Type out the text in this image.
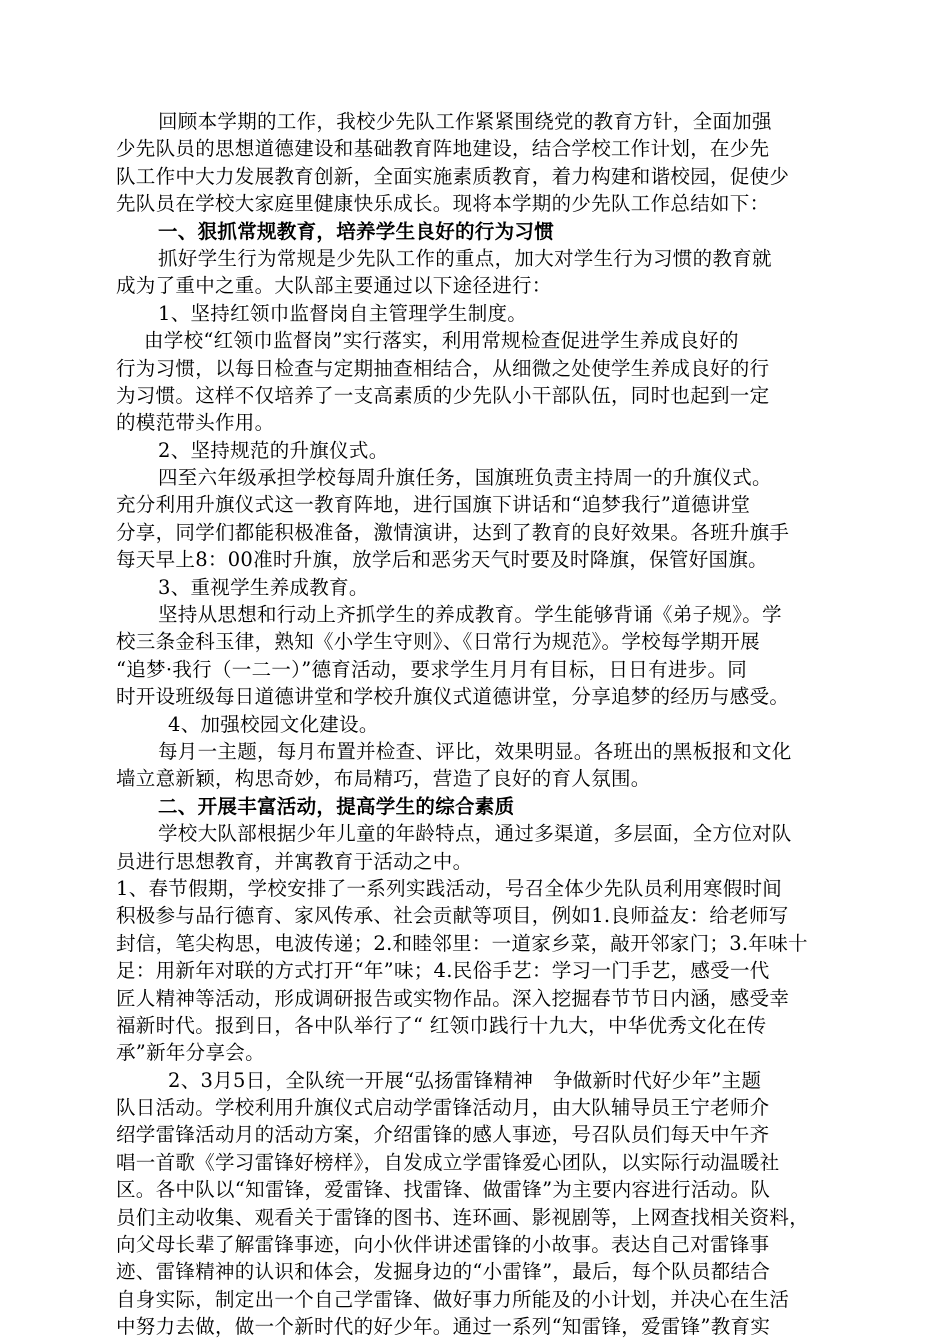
回顾本学期的工作，我校少先队工作紧紧围绕党的教育方针，全面加强
少先队员的思想道德建设和基础教育阵地建设，结合学校工作计划，在少先
队工作中大力发展教育创新，全面实施素质教育，着力构建和谐校园，促使少
先队员在学校大家庭里健康快乐成长。现将本学期的少先队工作总结如下：
一、狠抓常规教育，培养学生良好的行为习惯
抓好学生行为常规是少先队工作的重点，加大对学生行为习惯的教育就
成为了重中之重。大队部主要通过以下途径进行：
1、坚持红领巾监督岗自主管理学生制度。
由学校“红领巾监督岗”实行落实，利用常规检查促进学生养成良好的
行为习惯，以每日检查与定期抽查相结合，从细微之处使学生养成良好的行
为习惯。这样不仅培养了一支高素质的少先队小干部队伍，同时也起到一定
的模范带头作用。
2、坚持规范的升旗仪式。
四至六年级承担学校每周升旗任务，国旗班负责主持周一的升旗仪式。
充分利用升旗仪式这一教育阵地，进行国旗下讲话和“追梦我行”道德讲堂
分享，同学们都能积极准备，激情演讲，达到了教育的良好效果。各班升旗手
每天早上8：00准时升旗，放学后和恶劣天气时要及时降旗，保管好国旗。
3、重视学生养成教育。
坚持从思想和行动上齐抓学生的养成教育。学生能够背诵《弟子规》。学
校三条金科玉律，熟知《小学生守则》、《日常行为规范》。学校每学期开展
“追梦·我行（一二一）”德育活动，要求学生月月有目标，日日有进步。同
时开设班级每日道德讲堂和学校升旗仪式道德讲堂，分享追梦的经历与感受。
4、加强校园文化建设。
每月一主题，每月布置并检查、评比，效果明显。各班出的黑板报和文化
墙立意新颖，构思奇妙，布局精巧，营造了良好的育人氛围。
二、开展丰富活动，提高学生的综合素质
学校大队部根据少年儿童的年龄特点，通过多渠道，多层面，全方位对队
员进行思想教育，并寓教育于活动之中。
1、春节假期，学校安排了一系列实践活动，号召全体少先队员利用寒假时间
积极参与品行德育、家风传承、社会贡献等项目，例如1.良师益友：给老师写
封信，笔尖构思，电波传递；2.和睦邻里：一道家乡菜，敲开邻家门；3.年味十
足：用新年对联的方式打开“年”味；4.民俗手艺：学习一门手艺，感受一代
匠人精神等活动，形成调研报告或实物作品。深入挖掘春节节日内涵，感受幸
福新时代。报到日，各中队举行了“ 红领巾践行十九大，中华优秀文化在传
承”新年分享会。
2、3月5日，全队统一开展“弘扬雷锋精神　争做新时代好少年”主题
队日活动。学校利用升旗仪式启动学雷锋活动月，由大队辅导员王宁老师介
绍学雷锋活动月的活动方案，介绍雷锋的感人事迹，号召队员们每天中午齐
唱一首歌《学习雷锋好榜样》，自发成立学雷锋爱心团队，以实际行动温暖社
区。各中队以“知雷锋，爱雷锋、找雷锋、做雷锋”为主要内容进行活动。队
员们主动收集、观看关于雷锋的图书、连环画、影视剧等，上网查找相关资料，
向父母长辈了解雷锋事迹，向小伙伴讲述雷锋的小故事。表达自己对雷锋事
迹、雷锋精神的认识和体会，发掘身边的“小雷锋”，最后，每个队员都结合
自身实际，制定出一个自己学雷锋、做好事力所能及的小计划，并决心在生活
中努力去做，做一个新时代的好少年。通过一系列“知雷锋，爱雷锋”教育实
